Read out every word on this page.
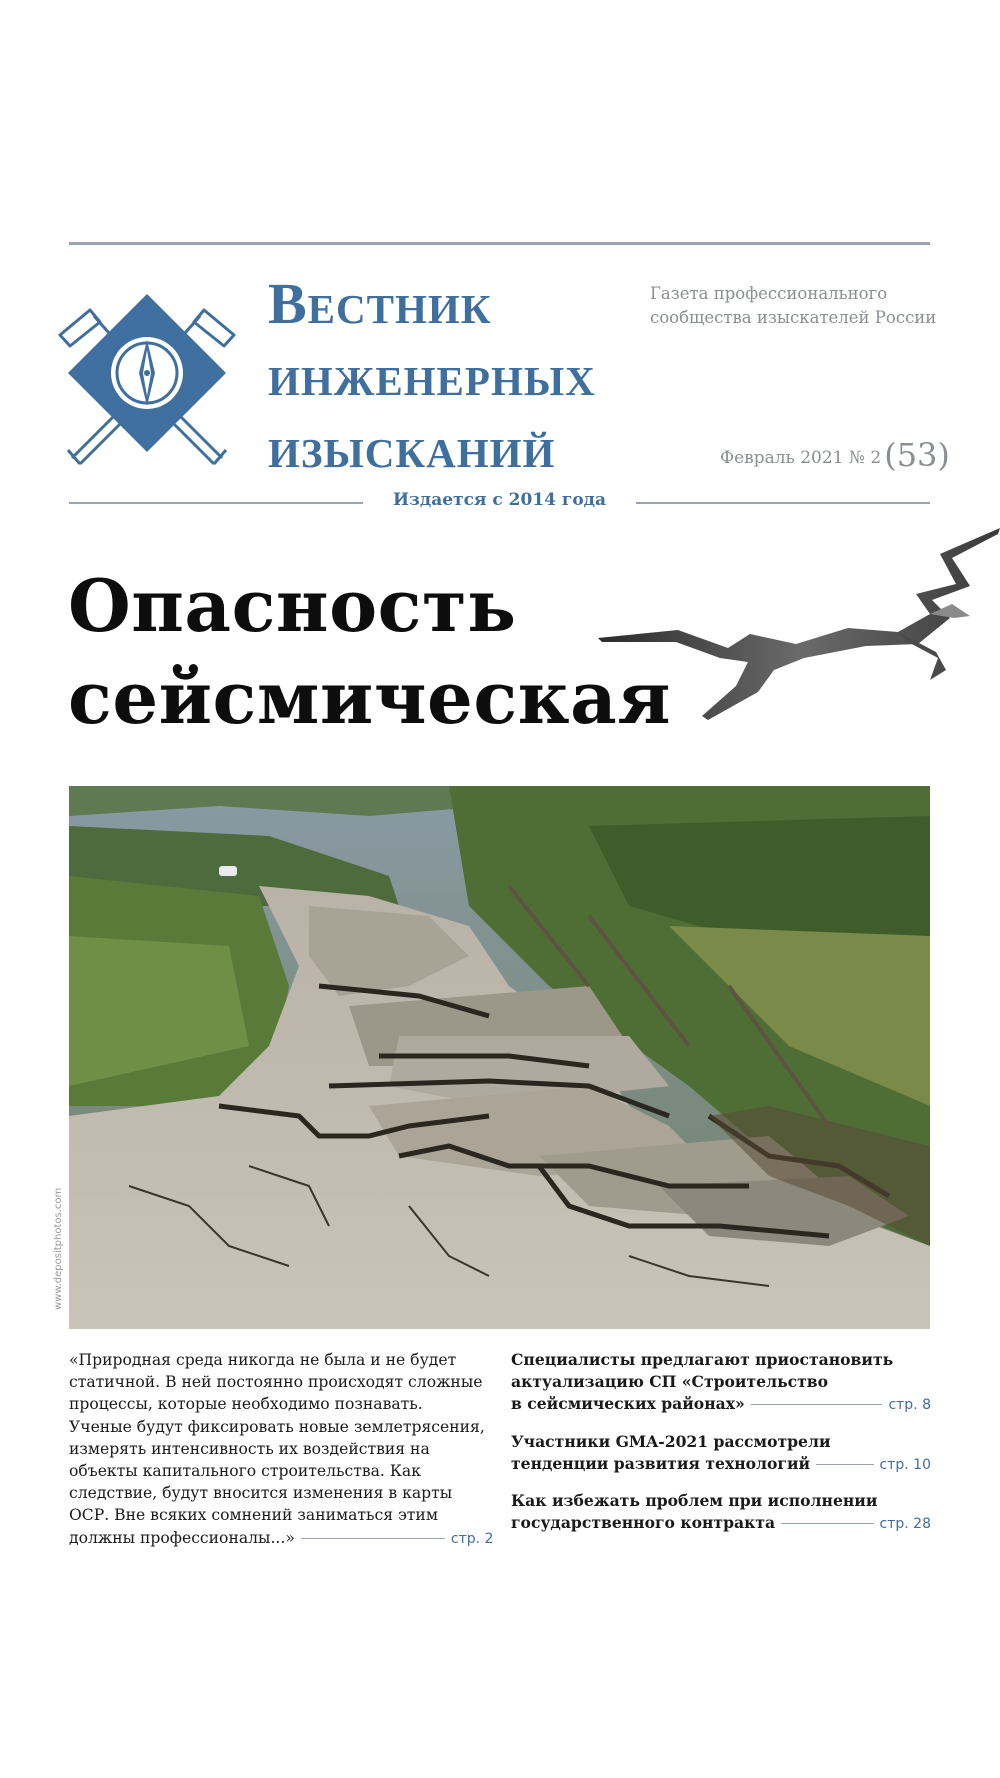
Вестник
инженерных
изысканий
Газета профессионального
сообщества изыскателей России
Февраль 2021 № 2(53)
Издается с 2014 года
Опасность
сейсмическая
www.depositphotos.com
«Природная среда никогда не была и не будет
статичной. В ней постоянно происходят сложные
процессы, которые необходимо познавать.
Ученые будут фиксировать новые землетрясения,
измерять интенсивность их воздействия на
объекты капитального строительства. Как
следствие, будут вносится изменения в карты
ОСР. Вне всяких сомнений заниматься этим
должны профессионалы...»	стр. 2
Специалисты предлагают приостановить
актуализацию СП «Строительство
в сейсмических районах»	стр. 8
Участники GMA-2021 рассмотрели
тенденции развития технологий	стр. 10
Как избежать проблем при исполнении
государственного контракта	стр. 28
